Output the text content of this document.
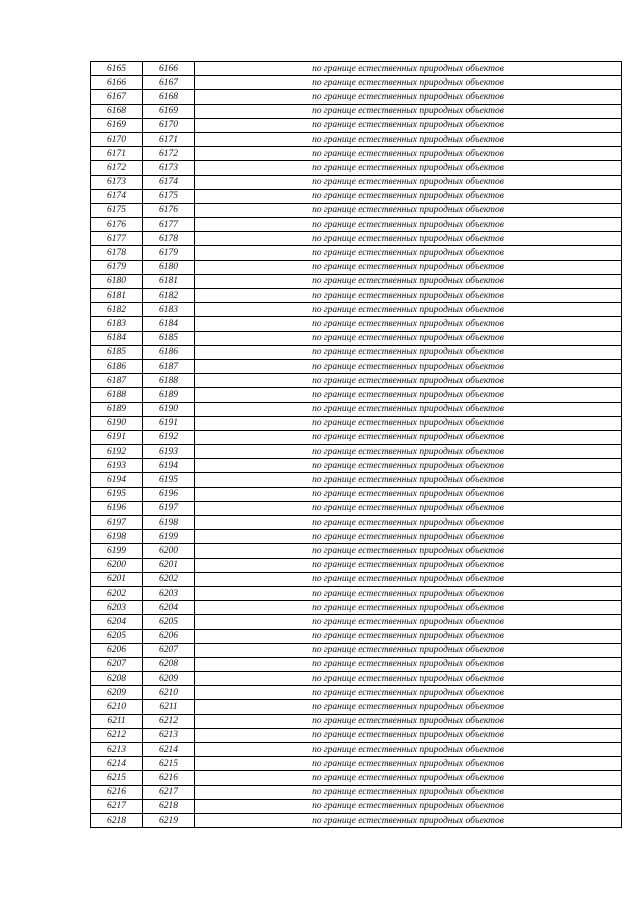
6165	6166	по границе естественных природных объектов
6166	6167	по границе естественных природных объектов
6167	6168	по границе естественных природных объектов
6168	6169	по границе естественных природных объектов
6169	6170	по границе естественных природных объектов
6170	6171	по границе естественных природных объектов
6171	6172	по границе естественных природных объектов
6172	6173	по границе естественных природных объектов
6173	6174	по границе естественных природных объектов
6174	6175	по границе естественных природных объектов
6175	6176	по границе естественных природных объектов
6176	6177	по границе естественных природных объектов
6177	6178	по границе естественных природных объектов
6178	6179	по границе естественных природных объектов
6179	6180	по границе естественных природных объектов
6180	6181	по границе естественных природных объектов
6181	6182	по границе естественных природных объектов
6182	6183	по границе естественных природных объектов
6183	6184	по границе естественных природных объектов
6184	6185	по границе естественных природных объектов
6185	6186	по границе естественных природных объектов
6186	6187	по границе естественных природных объектов
6187	6188	по границе естественных природных объектов
6188	6189	по границе естественных природных объектов
6189	6190	по границе естественных природных объектов
6190	6191	по границе естественных природных объектов
6191	6192	по границе естественных природных объектов
6192	6193	по границе естественных природных объектов
6193	6194	по границе естественных природных объектов
6194	6195	по границе естественных природных объектов
6195	6196	по границе естественных природных объектов
6196	6197	по границе естественных природных объектов
6197	6198	по границе естественных природных объектов
6198	6199	по границе естественных природных объектов
6199	6200	по границе естественных природных объектов
6200	6201	по границе естественных природных объектов
6201	6202	по границе естественных природных объектов
6202	6203	по границе естественных природных объектов
6203	6204	по границе естественных природных объектов
6204	6205	по границе естественных природных объектов
6205	6206	по границе естественных природных объектов
6206	6207	по границе естественных природных объектов
6207	6208	по границе естественных природных объектов
6208	6209	по границе естественных природных объектов
6209	6210	по границе естественных природных объектов
6210	6211	по границе естественных природных объектов
6211	6212	по границе естественных природных объектов
6212	6213	по границе естественных природных объектов
6213	6214	по границе естественных природных объектов
6214	6215	по границе естественных природных объектов
6215	6216	по границе естественных природных объектов
6216	6217	по границе естественных природных объектов
6217	6218	по границе естественных природных объектов
6218	6219	по границе естественных природных объектов
